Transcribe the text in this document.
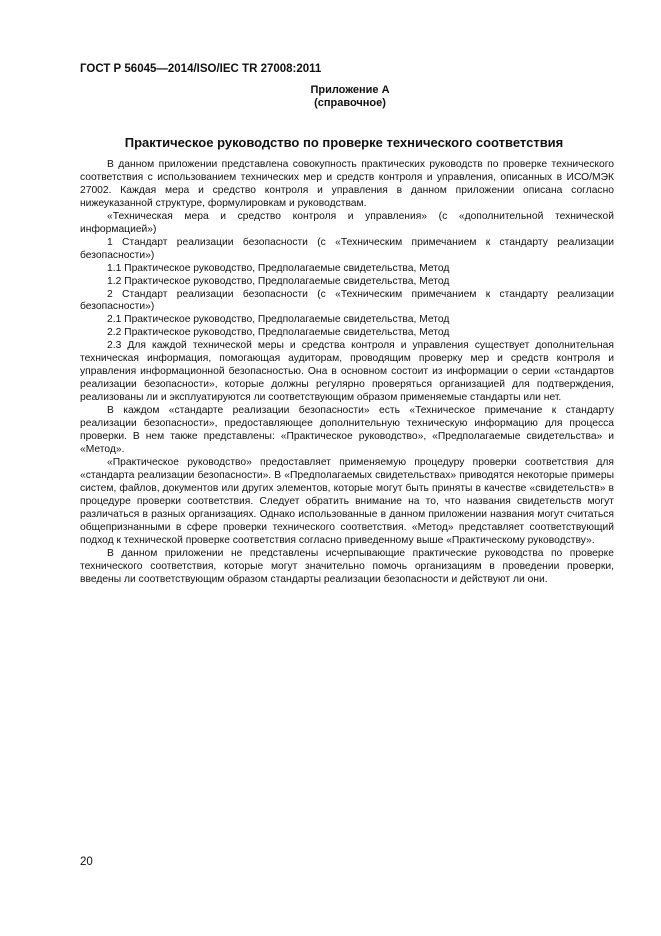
ГОСТ Р 56045—2014/ISO/IEC TR 27008:2011
Приложение А
(справочное)
Практическое руководство по проверке технического соответствия

В данном приложении представлена совокупность практических руководств по проверке технического соответствия с использованием технических мер и средств контроля и управления, описанных в ИСО/МЭК 27002. Каждая мера и средство контроля и управления в данном приложении описана согласно нижеуказанной структуре, формулировкам и руководствам.

«Техническая мера и средство контроля и управления» (с «дополнительной технической информацией»)

1 Стандарт реализации безопасности (с «Техническим примечанием к стандарту реализации безопасности»)

1.1 Практическое руководство, Предполагаемые свидетельства, Метод

1.2 Практическое руководство, Предполагаемые свидетельства, Метод

2 Стандарт реализации безопасности (с «Техническим примечанием к стандарту реализации безопасности»)

2.1 Практическое руководство, Предполагаемые свидетельства, Метод

2.2 Практическое руководство, Предполагаемые свидетельства, Метод

2.3 Для каждой технической меры и средства контроля и управления существует дополнительная техническая информация, помогающая аудиторам, проводящим проверку мер и средств контроля и управления информационной безопасностью. Она в основном состоит из информации о серии «стандартов реализации безопасности», которые должны регулярно проверяться организацией для подтверждения, реализованы ли и эксплуатируются ли соответствующим образом применяемые стандарты или нет.

В каждом «стандарте реализации безопасности» есть «Техническое примечание к стандарту реализации безопасности», предоставляющее дополнительную техническую информацию для процесса проверки. В нем также представлены: «Практическое руководство», «Предполагаемые свидетельства» и «Метод».

«Практическое руководство» предоставляет применяемую процедуру проверки соответствия для «стандарта реализации безопасности». В «Предполагаемых свидетельствах» приводятся некоторые примеры систем, файлов, документов или других элементов, которые могут быть приняты в качестве «свидетельств» в процедуре проверки соответствия. Следует обратить внимание на то, что названия свидетельств могут различаться в разных организациях. Однако использованные в данном приложении названия могут считаться общепризнанными в сфере проверки технического соответствия. «Метод» представляет соответствующий подход к технической проверке соответствия согласно приведенному выше «Практическому руководству».

В данном приложении не представлены исчерпывающие практические руководства по проверке технического соответствия, которые могут значительно помочь организациям в проведении проверки, введены ли соответствующим образом стандарты реализации безопасности и действуют ли они.

20
